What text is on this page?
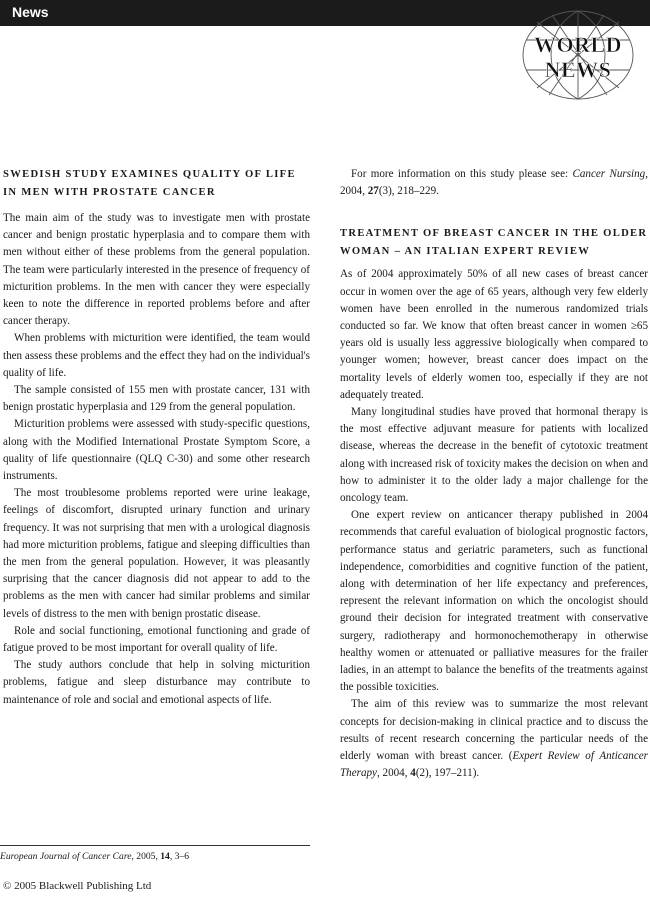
News
WORLD
NEWS
SWEDISH STUDY EXAMINES QUALITY OF LIFE IN MEN WITH PROSTATE CANCER

The main aim of the study was to investigate men with prostate cancer and benign prostatic hyperplasia and to compare them with men without either of these problems from the general population. The team were particularly interested in the presence of frequency of micturition problems. In the men with cancer they were especially keen to note the difference in reported problems before and after cancer therapy.

When problems with micturition were identified, the team would then assess these problems and the effect they had on the individual's quality of life.

The sample consisted of 155 men with prostate cancer, 131 with benign prostatic hyperplasia and 129 from the general population.

Micturition problems were assessed with study-specific questions, along with the Modified International Prostate Symptom Score, a quality of life questionnaire (QLQ C-30) and some other research instruments.

The most troublesome problems reported were urine leakage, feelings of discomfort, disrupted urinary function and urinary frequency. It was not surprising that men with a urological diagnosis had more micturition problems, fatigue and sleeping difficulties than the men from the general population. However, it was pleasantly surprising that the cancer diagnosis did not appear to add to the problems as the men with cancer had similar problems and similar levels of distress to the men with benign prostatic disease.

Role and social functioning, emotional functioning and grade of fatigue proved to be most important for overall quality of life.

The study authors conclude that help in solving micturition problems, fatigue and sleep disturbance may contribute to maintenance of role and social and emotional aspects of life.

For more information on this study please see: Cancer Nursing, 2004, 27(3), 218–229.

TREATMENT OF BREAST CANCER IN THE OLDER WOMAN – AN ITALIAN EXPERT REVIEW

As of 2004 approximately 50% of all new cases of breast cancer occur in women over the age of 65 years, although very few elderly women have been enrolled in the numerous randomized trials conducted so far. We know that often breast cancer in women ≥65 years old is usually less aggressive biologically when compared to younger women; however, breast cancer does impact on the mortality levels of elderly women too, especially if they are not adequately treated.

Many longitudinal studies have proved that hormonal therapy is the most effective adjuvant measure for patients with localized disease, whereas the decrease in the benefit of cytotoxic treatment along with increased risk of toxicity makes the decision on when and how to administer it to the older lady a major challenge for the oncology team.

One expert review on anticancer therapy published in 2004 recommends that careful evaluation of biological prognostic factors, performance status and geriatric parameters, such as functional independence, comorbidities and cognitive function of the patient, along with determination of her life expectancy and preferences, represent the relevant information on which the oncologist should ground their decision for integrated treatment with conservative surgery, radiotherapy and hormonochemotherapy in otherwise healthy women or attenuated or palliative measures for the frailer ladies, in an attempt to balance the benefits of the treatments against the possible toxicities.

The aim of this review was to summarize the most relevant concepts for decision-making in clinical practice and to discuss the results of recent research concerning the particular needs of the elderly woman with breast cancer. (Expert Review of Anticancer Therapy, 2004, 4(2), 197–211).

European Journal of Cancer Care, 2005, 14, 3–6
© 2005 Blackwell Publishing Ltd
